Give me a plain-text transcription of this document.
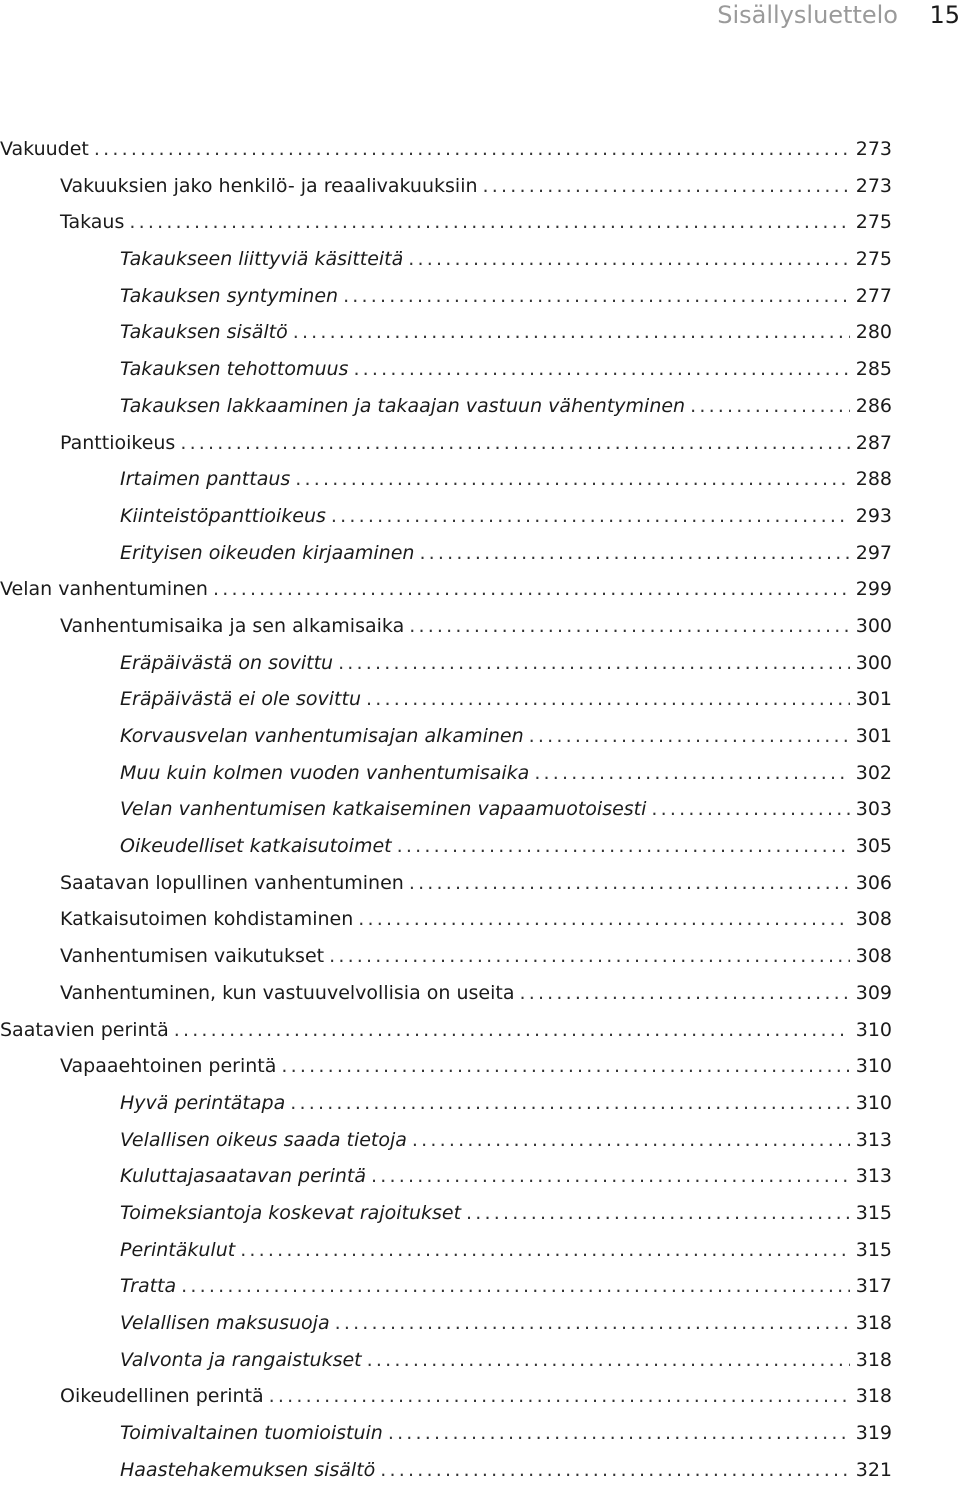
Sisällysluettelo	15
Vakuudet .....	273
Vakuuksien jako henkilö- ja reaalivakuuksiin .....	273
Takaus .....	275
Takaukseen liittyviä käsitteitä .....	275
Takauksen syntyminen .....	277
Takauksen sisältö .....	280
Takauksen tehottomuus .....	285
Takauksen lakkaaminen ja takaajan vastuun vähentyminen .....	286
Panttioikeus .....	287
Irtaimen panttaus .....	288
Kiinteistöpanttioikeus .....	293
Erityisen oikeuden kirjaaminen .....	297
Velan vanhentuminen .....	299
Vanhentumisaika ja sen alkamisaika .....	300
Eräpäivästä on sovittu .....	300
Eräpäivästä ei ole sovittu .....	301
Korvausvelan vanhentumisajan alkaminen .....	301
Muu kuin kolmen vuoden vanhentumisaika .....	302
Velan vanhentumisen katkaiseminen vapaamuotoisesti .....	303
Oikeudelliset katkaisutoimet .....	305
Saatavan lopullinen vanhentuminen .....	306
Katkaisutoimen kohdistaminen .....	308
Vanhentumisen vaikutukset .....	308
Vanhentuminen, kun vastuuvelvollisia on useita .....	309
Saatavien perintä .....	310
Vapaaehtoinen perintä .....	310
Hyvä perintätapa .....	310
Velallisen oikeus saada tietoja .....	313
Kuluttajasaatavan perintä .....	313
Toimeksiantoja koskevat rajoitukset .....	315
Perintäkulut .....	315
Tratta .....	317
Velallisen maksusuoja .....	318
Valvonta ja rangaistukset .....	318
Oikeudellinen perintä .....	318
Toimivaltainen tuomioistuin .....	319
Haastehakemuksen sisältö .....	321
